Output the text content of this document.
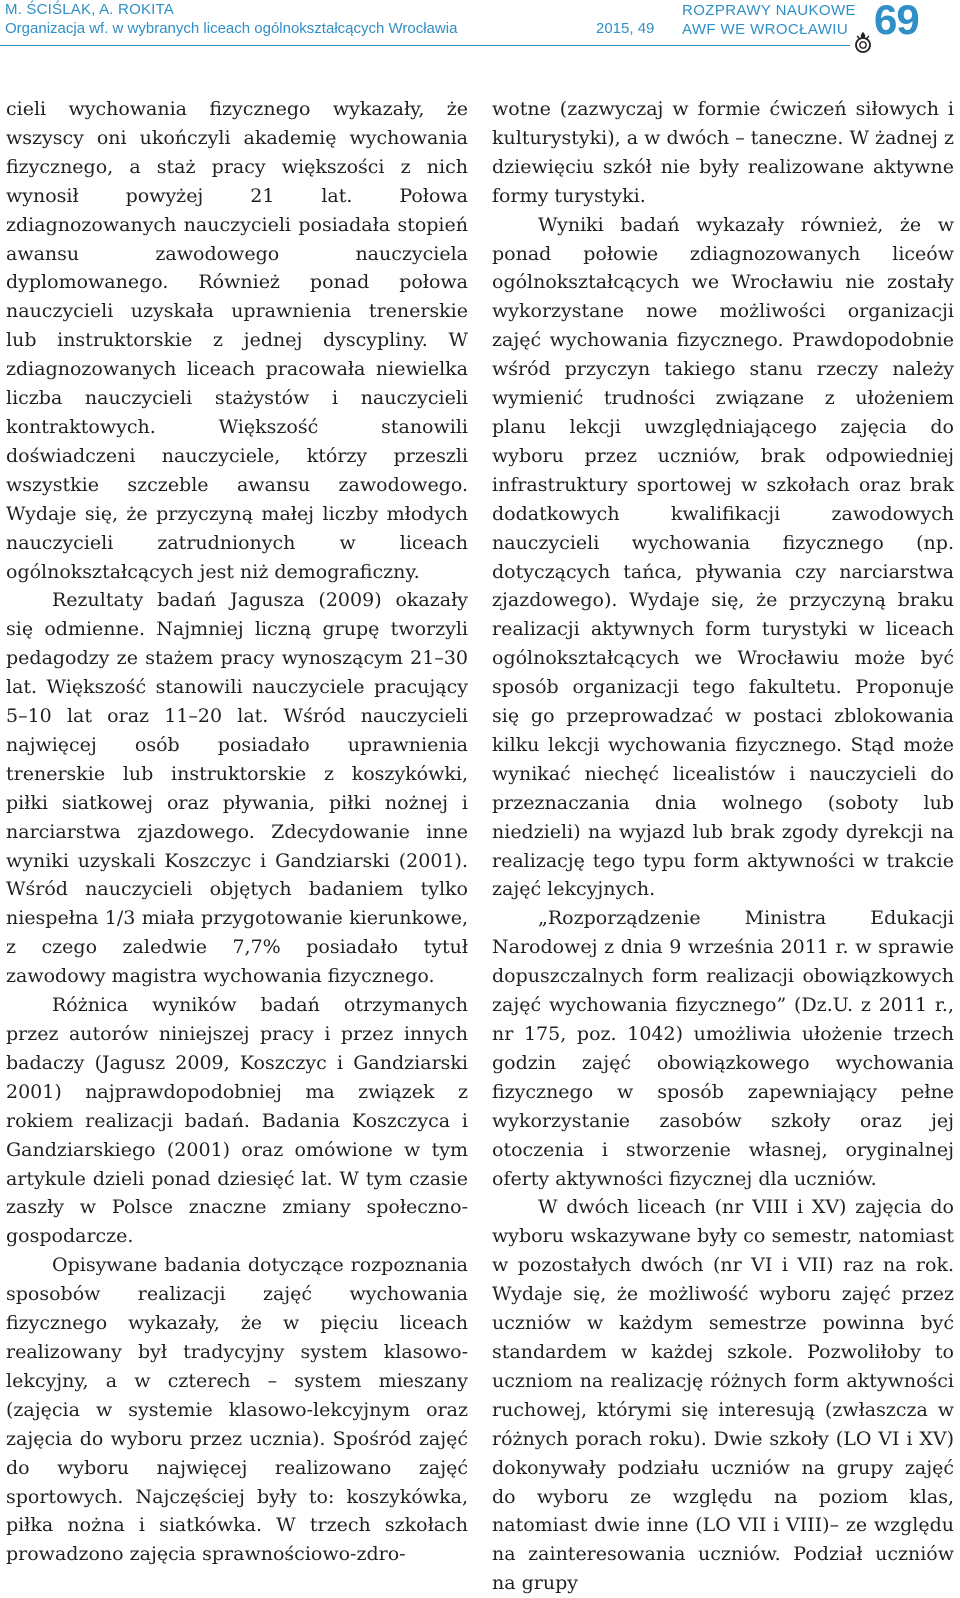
M. ŚCIŚLAK, A. ROKITA
Organizacja wf. w wybranych liceach ogólnokształcących Wrocławia	2015, 49
ROZPRAWY NAUKOWE
AWF WE WROCŁAWIU 69

cieli wychowania fizycznego wykazały, że wszyscy oni ukończyli akademię wychowania fizycznego, a staż pracy większości z nich wynosił powyżej 21 lat. Połowa zdiagnozowanych nauczycieli posiadała stopień awansu zawodowego nauczyciela dyplomowanego. Również ponad połowa nauczycieli uzyskała uprawnienia trenerskie lub instruktorskie z jednej dyscypliny. W zdiagnozowanych liceach pracowała niewielka liczba nauczycieli stażystów i nauczycieli kontraktowych. Większość stanowili doświadczeni nauczyciele, którzy przeszli wszystkie szczeble awansu zawodowego. Wydaje się, że przyczyną małej liczby młodych nauczycieli zatrudnionych w liceach ogólnokształcących jest niż demograficzny.

Rezultaty badań Jagusza (2009) okazały się odmienne. Najmniej liczną grupę tworzyli pedagodzy ze stażem pracy wynoszącym 21–30 lat. Większość stanowili nauczyciele pracujący 5–10 lat oraz 11–20 lat. Wśród nauczycieli najwięcej osób posiadało uprawnienia trenerskie lub instruktorskie z koszykówki, piłki siatkowej oraz pływania, piłki nożnej i narciarstwa zjazdowego. Zdecydowanie inne wyniki uzyskali Koszczyc i Gandziarski (2001). Wśród nauczycieli objętych badaniem tylko niespełna 1/3 miała przygotowanie kierunkowe, z czego zaledwie 7,7% posiadało tytuł zawodowy magistra wychowania fizycznego.

Różnica wyników badań otrzymanych przez autorów niniejszej pracy i przez innych badaczy (Jagusz 2009, Koszczyc i Gandziarski 2001) najprawdopodobniej ma związek z rokiem realizacji badań. Badania Koszczyca i Gandziarskiego (2001) oraz omówione w tym artykule dzieli ponad dziesięć lat. W tym czasie zaszły w Polsce znaczne zmiany społeczno-gospodarcze.

Opisywane badania dotyczące rozpoznania sposobów realizacji zajęć wychowania fizycznego wykazały, że w pięciu liceach realizowany był tradycyjny system klasowo-lekcyjny, a w czterech – system mieszany (zajęcia w systemie klasowo-lekcyjnym oraz zajęcia do wyboru przez ucznia). Spośród zajęć do wyboru najwięcej realizowano zajęć sportowych. Najczęściej były to: koszykówka, piłka nożna i siatkówka. W trzech szkołach prowadzono zajęcia sprawnościowo-zdro-

wotne (zazwyczaj w formie ćwiczeń siłowych i kulturystyki), a w dwóch – taneczne. W żadnej z dziewięciu szkół nie były realizowane aktywne formy turystyki.

Wyniki badań wykazały również, że w ponad połowie zdiagnozowanych liceów ogólnokształcących we Wrocławiu nie zostały wykorzystane nowe możliwości organizacji zajęć wychowania fizycznego. Prawdopodobnie wśród przyczyn takiego stanu rzeczy należy wymienić trudności związane z ułożeniem planu lekcji uwzględniającego zajęcia do wyboru przez uczniów, brak odpowiedniej infrastruktury sportowej w szkołach oraz brak dodatkowych kwalifikacji zawodowych nauczycieli wychowania fizycznego (np. dotyczących tańca, pływania czy narciarstwa zjazdowego). Wydaje się, że przyczyną braku realizacji aktywnych form turystyki w liceach ogólnokształcących we Wrocławiu może być sposób organizacji tego fakultetu. Proponuje się go przeprowadzać w postaci zblokowania kilku lekcji wychowania fizycznego. Stąd może wynikać niechęć licealistów i nauczycieli do przeznaczania dnia wolnego (soboty lub niedzieli) na wyjazd lub brak zgody dyrekcji na realizację tego typu form aktywności w trakcie zajęć lekcyjnych.

„Rozporządzenie Ministra Edukacji Narodowej z dnia 9 września 2011 r. w sprawie dopuszczalnych form realizacji obowiązkowych zajęć wychowania fizycznego” (Dz.U. z 2011 r., nr 175, poz. 1042) umożliwia ułożenie trzech godzin zajęć obowiązkowego wychowania fizycznego w sposób zapewniający pełne wykorzystanie zasobów szkoły oraz jej otoczenia i stworzenie własnej, oryginalnej oferty aktywności fizycznej dla uczniów.

W dwóch liceach (nr VIII i XV) zajęcia do wyboru wskazywane były co semestr, natomiast w pozostałych dwóch (nr VI i VII) raz na rok. Wydaje się, że możliwość wyboru zajęć przez uczniów w każdym semestrze powinna być standardem w każdej szkole. Pozwoliłoby to uczniom na realizację różnych form aktywności ruchowej, którymi się interesują (zwłaszcza w różnych porach roku). Dwie szkoły (LO VI i XV) dokonywały podziału uczniów na grupy zajęć do wyboru ze względu na poziom klas, natomiast dwie inne (LO VII i VIII)– ze względu na zainteresowania uczniów. Podział uczniów na grupy
